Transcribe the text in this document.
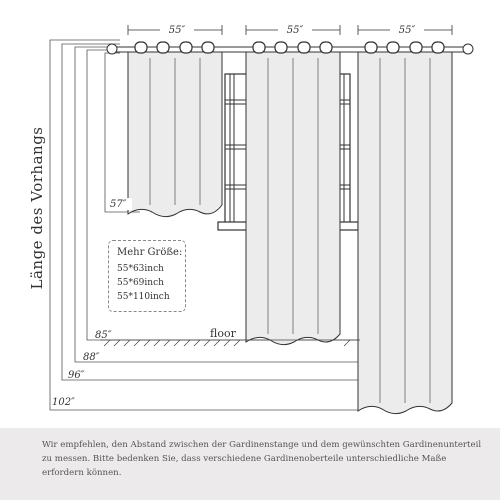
Länge des Vorhangs
55″	55″	55″
floor
57″
85″
88″
96″
102″
Mehr Größe:
55*63inch
55*69inch
55*110inch
Wir empfehlen, den Abstand zwischen der Gardinenstange und dem gewünschten Gardinenunterteil zu messen. Bitte bedenken Sie, dass verschiedene Gardinenoberteile unterschiedliche Maße erfordern können.
